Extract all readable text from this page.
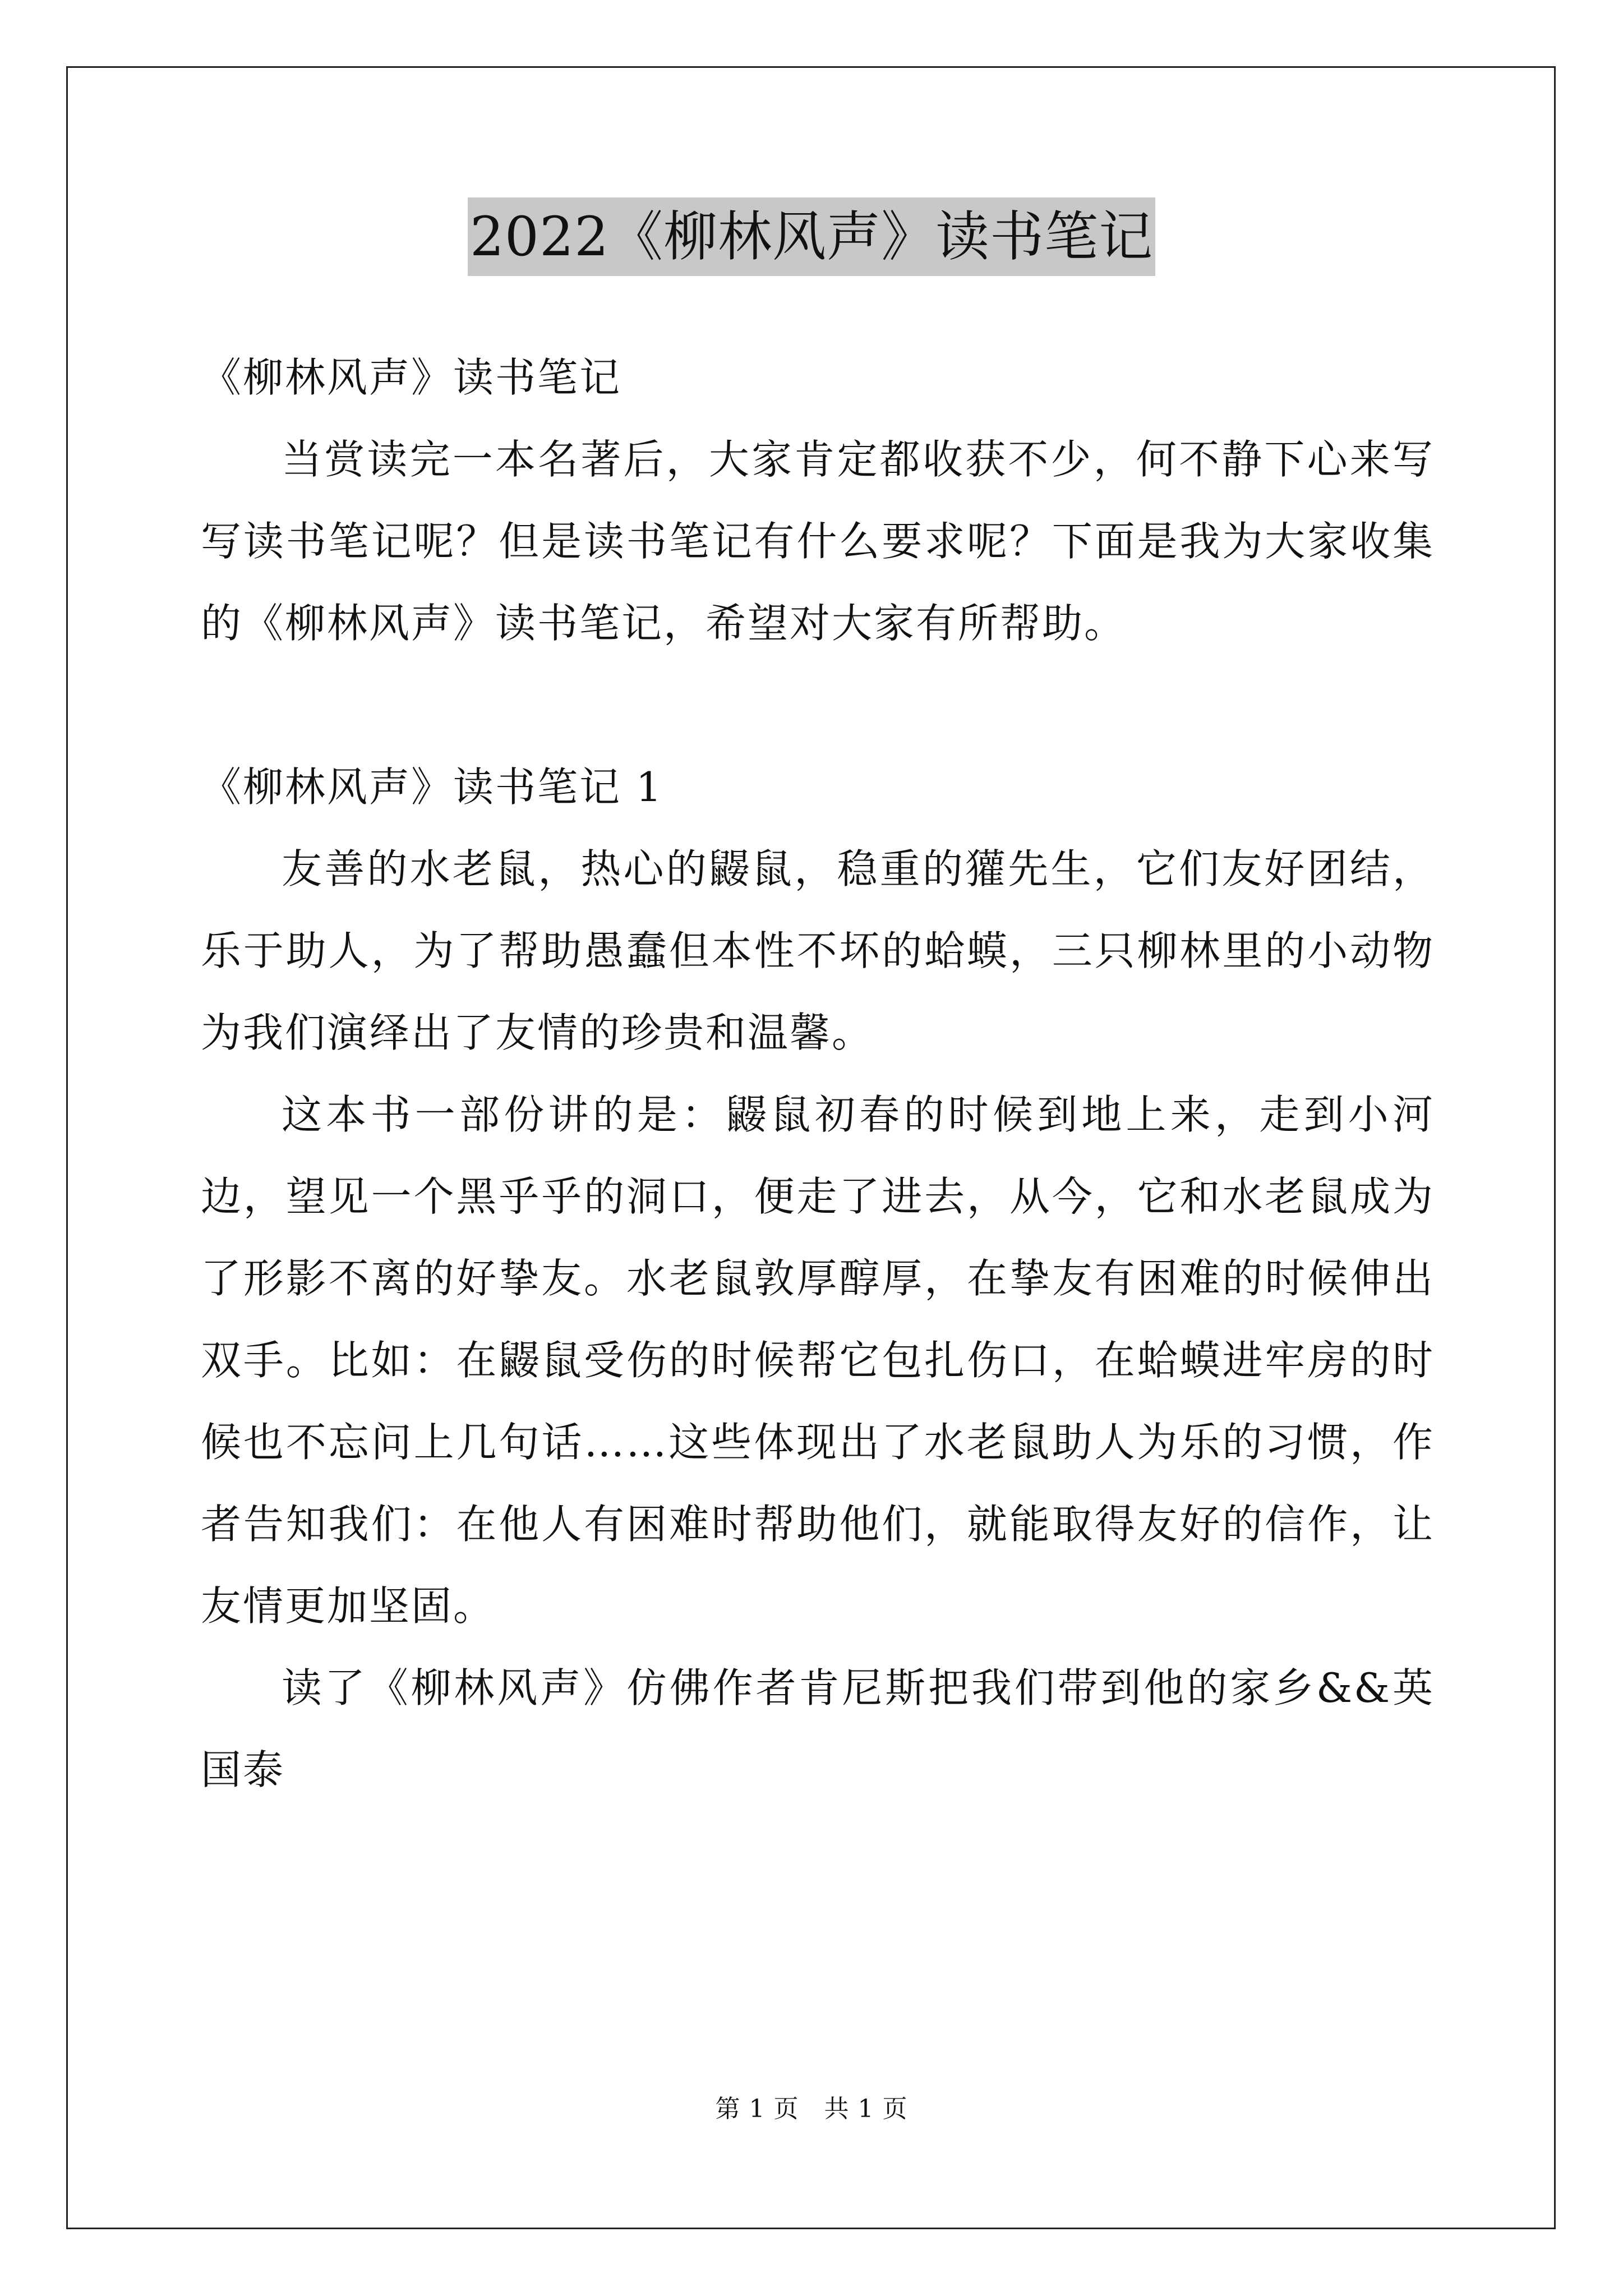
2022《柳林风声》读书笔记

《柳林风声》读书笔记

当赏读完一本名著后，大家肯定都收获不少，何不静下心来写写读书笔记呢？但是读书笔记有什么要求呢？下面是我为大家收集的《柳林风声》读书笔记，希望对大家有所帮助。

《柳林风声》读书笔记 1

友善的水老鼠，热心的鼹鼠，稳重的獾先生，它们友好团结，乐于助人，为了帮助愚蠢但本性不坏的蛤蟆，三只柳林里的小动物为我们演绎出了友情的珍贵和温馨。

这本书一部份讲的是：鼹鼠初春的时候到地上来，走到小河边，望见一个黑乎乎的洞口，便走了进去，从今，它和水老鼠成为了形影不离的好挚友。水老鼠敦厚醇厚，在挚友有困难的时候伸出双手。比如：在鼹鼠受伤的时候帮它包扎伤口，在蛤蟆进牢房的时候也不忘问上几句话……这些体现出了水老鼠助人为乐的习惯，作者告知我们：在他人有困难时帮助他们，就能取得友好的信作，让友情更加坚固。

读了《柳林风声》仿佛作者肯尼斯把我们带到他的家乡&&英国泰

第 1 页　共 1 页
